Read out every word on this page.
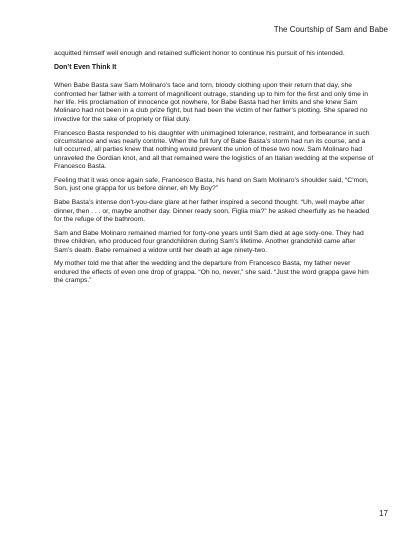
The Courtship of Sam and Babe

acquitted himself well enough and retained sufficient honor to continue his pursuit of his intended.

Don’t Even Think It

When Babe Basta saw Sam Molinaro’s face and torn, bloody clothing upon their return that day, she confronted her father with a torrent of magnificent outrage, standing up to him for the first and only time in her life. His proclamation of innocence got nowhere, for Babe Basta had her limits and she knew Sam Molinaro had not been in a club prize fight, but had been the victim of her father’s plotting. She spared no invective for the sake of propriety or filial duty.

Francesco Basta responded to his daughter with unimagined tolerance, restraint, and forbearance in such circumstance and was nearly contrite. When the full fury of Babe Basta’s storm had run its course, and a lull occurred, all parties knew that nothing would prevent the union of these two now. Sam Molinaro had unraveled the Gordian knot, and all that remained were the logistics of an Italian wedding at the expense of Francesco Basta.

Feeling that it was once again safe, Francesco Basta, his hand on Sam Molinaro’s shoulder said, “C’mon, Son, just one grappa for us before dinner, eh My Boy?”

Babe Basta’s intense don’t-you-dare glare at her father inspired a second thought. “Uh, well maybe after dinner, then . . . or, maybe another day. Dinner ready soon, Figlia mia?” he asked cheerfully as he headed for the refuge of the bathroom.

Sam and Babe Molinaro remained married for forty-one years until Sam died at age sixty-one. They had three children, who produced four grandchildren during Sam’s lifetime. Another grandchild came after Sam’s death. Babe remained a widow until her death at age ninety-two.

My mother told me that after the wedding and the departure from Francesco Basta, my father never endured the effects of even one drop of grappa. “Oh no, never,” she said. “Just the word grappa gave him the cramps.”

17
